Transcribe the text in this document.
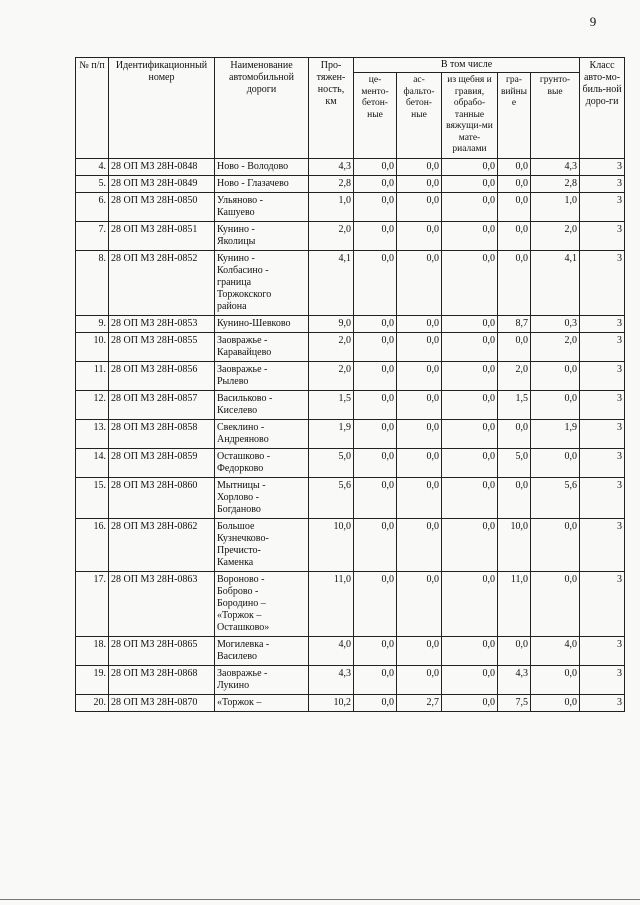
9
№ п/п	Идентификационный номер	Наименование автомобильной дороги	Про-тяжен-ность, км	В том числе					Класс авто-мо-биль-ной доро-ги
				це-менто-бетон-ные	ас-фальто-бетон-ные	из щебня и гравия, обрабо-танные вяжущи-ми мате-риалами	гра-вийны е	грунто-вые	
4.	28 ОП МЗ 28Н-0848	Ново - Володово	4,3	0,0	0,0	0,0	0,0	4,3	3
5.	28 ОП МЗ 28Н-0849	Ново - Глазачево	2,8	0,0	0,0	0,0	0,0	2,8	3
6.	28 ОП МЗ 28Н-0850	Ульяново -
Кашуево	1,0	0,0	0,0	0,0	0,0	1,0	3
7.	28 ОП МЗ 28Н-0851	Кунино -
Яколицы	2,0	0,0	0,0	0,0	0,0	2,0	3
8.	28 ОП МЗ 28Н-0852	Кунино -
Колбасино -
граница
Торжокского
района	4,1	0,0	0,0	0,0	0,0	4,1	3
9.	28 ОП МЗ 28Н-0853	Кунино-Шевково	9,0	0,0	0,0	0,0	8,7	0,3	3
10.	28 ОП МЗ 28Н-0855	Заовражье -
Каравайцево	2,0	0,0	0,0	0,0	0,0	2,0	3
11.	28 ОП МЗ 28Н-0856	Заовражье -
Рылево	2,0	0,0	0,0	0,0	2,0	0,0	3
12.	28 ОП МЗ 28Н-0857	Васильково -
Киселево	1,5	0,0	0,0	0,0	1,5	0,0	3
13.	28 ОП МЗ 28Н-0858	Свеклино -
Андреяново	1,9	0,0	0,0	0,0	0,0	1,9	3
14.	28 ОП МЗ 28Н-0859	Осташково -
Федорково	5,0	0,0	0,0	0,0	5,0	0,0	3
15.	28 ОП МЗ 28Н-0860	Мытницы -
Хорлово -
Богданово	5,6	0,0	0,0	0,0	0,0	5,6	3
16.	28 ОП МЗ 28Н-0862	Большое
Кузнечково-
Пречисто-
Каменка	10,0	0,0	0,0	0,0	10,0	0,0	3
17.	28 ОП МЗ 28Н-0863	Вороново -
Боброво -
Бородино –
«Торжок –
Осташково»	11,0	0,0	0,0	0,0	11,0	0,0	3
18.	28 ОП МЗ 28Н-0865	Могилевка -
Василево	4,0	0,0	0,0	0,0	0,0	4,0	3
19.	28 ОП МЗ 28Н-0868	Заовражье -
Лукино	4,3	0,0	0,0	0,0	4,3	0,0	3
20.	28 ОП МЗ 28Н-0870	«Торжок –	10,2	0,0	2,7	0,0	7,5	0,0	3
